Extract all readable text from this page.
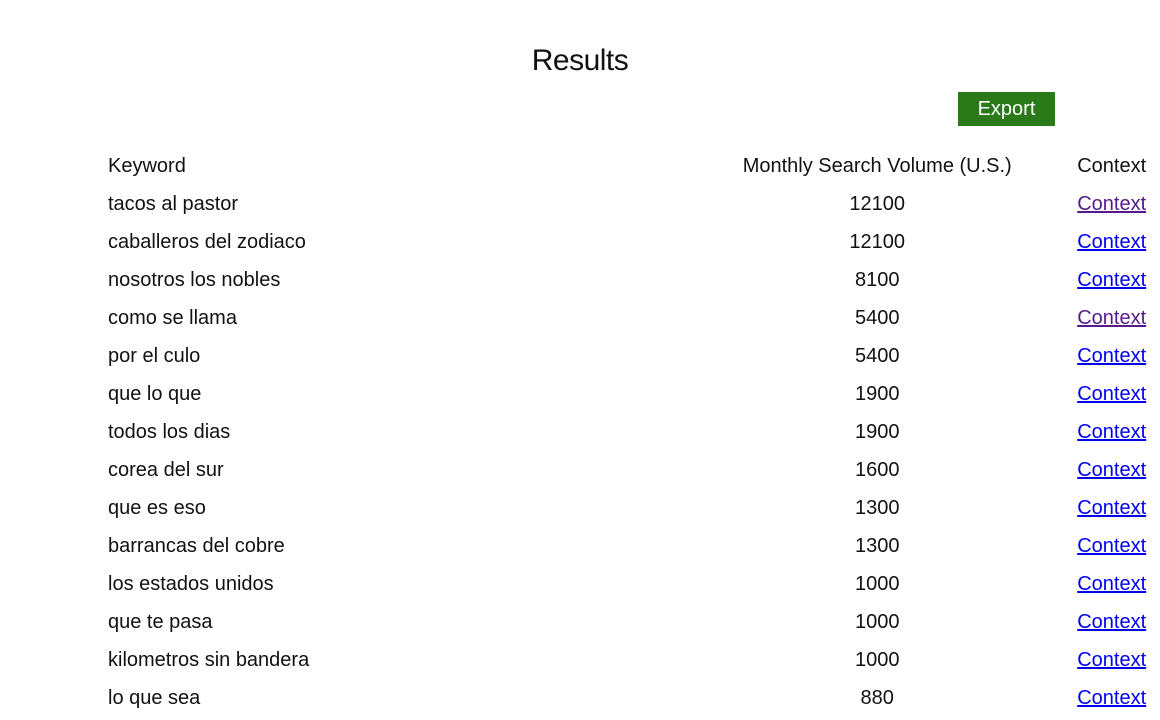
Results
Export
Keyword	Monthly Search Volume (U.S.)	Context
tacos al pastor	12100	Context
caballeros del zodiaco	12100	Context
nosotros los nobles	8100	Context
como se llama	5400	Context
por el culo	5400	Context
que lo que	1900	Context
todos los dias	1900	Context
corea del sur	1600	Context
que es eso	1300	Context
barrancas del cobre	1300	Context
los estados unidos	1000	Context
que te pasa	1000	Context
kilometros sin bandera	1000	Context
lo que sea	880	Context
